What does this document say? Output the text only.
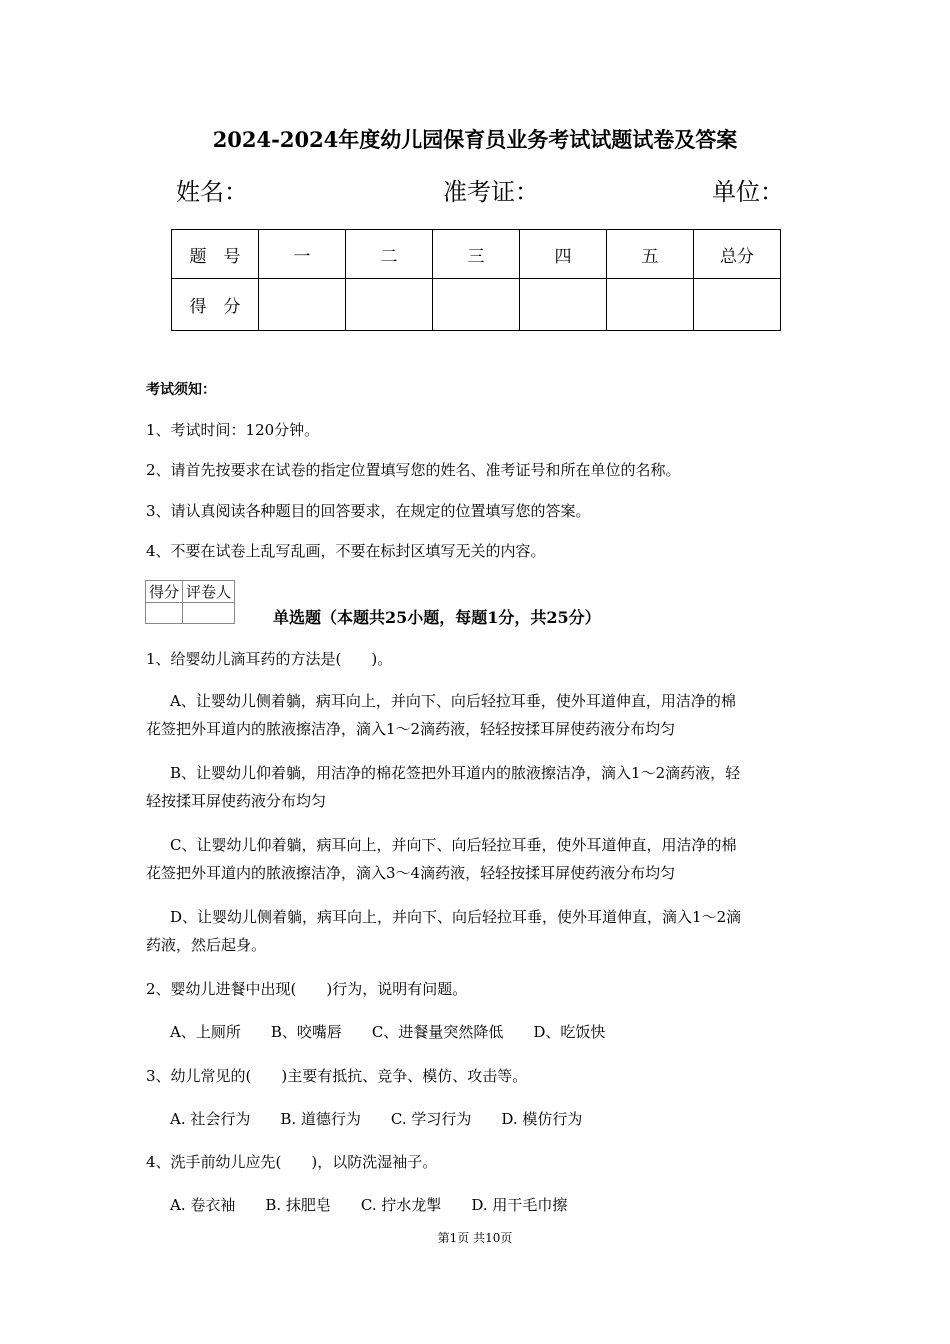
2024-2024年度幼儿园保育员业务考试试题试卷及答案
姓名：	准考证：	单位：
题　号	一	二	三	四	五	总分
得　分						
考试须知：
1、考试时间：120分钟。
2、请首先按要求在试卷的指定位置填写您的姓名、准考证号和所在单位的名称。
3、请认真阅读各种题目的回答要求，在规定的位置填写您的答案。
4、不要在试卷上乱写乱画，不要在标封区填写无关的内容。
得分	评卷人

单选题（本题共25小题，每题1分，共25分）
1、给婴幼儿滴耳药的方法是(　　)。
A、让婴幼儿侧着躺，病耳向上，并向下、向后轻拉耳垂，使外耳道伸直，用洁净的棉
花签把外耳道内的脓液擦洁净，滴入1～2滴药液，轻轻按揉耳屏使药液分布均匀
B、让婴幼儿仰着躺，用洁净的棉花签把外耳道内的脓液擦洁净，滴入1～2滴药液，轻
轻按揉耳屏使药液分布均匀
C、让婴幼儿仰着躺，病耳向上，并向下、向后轻拉耳垂，使外耳道伸直，用洁净的棉
花签把外耳道内的脓液擦洁净，滴入3～4滴药液，轻轻按揉耳屏使药液分布均匀
D、让婴幼儿侧着躺，病耳向上，并向下、向后轻拉耳垂，使外耳道伸直，滴入1～2滴
药液，然后起身。
2、婴幼儿进餐中出现(　　)行为，说明有问题。
A、上厕所　　B、咬嘴唇　　C、进餐量突然降低　　D、吃饭快
3、幼儿常见的(　　)主要有抵抗、竞争、模仿、攻击等。
A. 社会行为　　B. 道德行为　　C. 学习行为　　D. 模仿行为
4、洗手前幼儿应先(　　)，以防洗湿袖子。
A. 卷衣袖　　B. 抹肥皂　　C. 拧水龙掣　　D. 用干毛巾擦
第1页 共10页
